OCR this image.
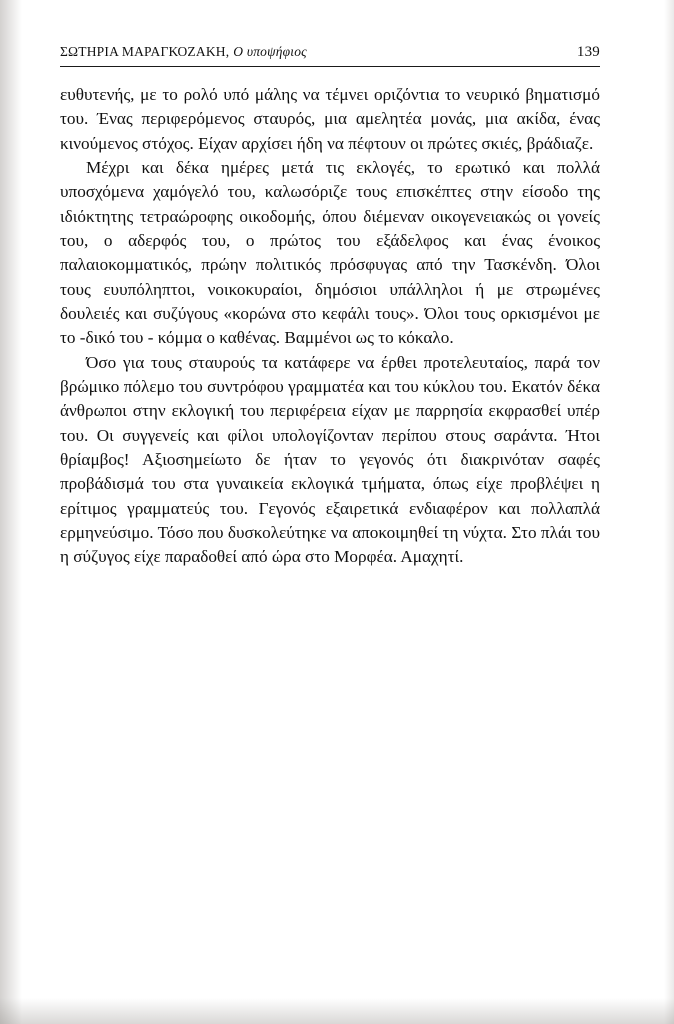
ΣΩΤΗΡΙΑ ΜΑΡΑΓΚΟΖΑΚΗ, Ο υποψήφιος	139

ευθυτενής, με το ρολό υπό μάλης να τέμνει οριζόντια το νευρικό βηματισμό του. Ένας περιφερόμενος σταυρός, μια αμελητέα μονάς, μια ακίδα, ένας κινούμενος στόχος. Είχαν αρχίσει ήδη να πέφτουν οι πρώτες σκιές, βράδιαζε.

Μέχρι και δέκα ημέρες μετά τις εκλογές, το ερωτικό και πολλά υποσχόμενα χαμόγελό του, καλωσόριζε τους επισκέπτες στην είσοδο της ιδιόκτητης τετραώροφης οικοδομής, όπου διέμεναν οικογενειακώς οι γονείς του, ο αδερφός του, ο πρώτος του εξάδελφος και ένας ένοικος παλαιοκομματικός, πρώην πολιτικός πρόσφυγας από την Τασκένδη. Όλοι τους ευυπόληπτοι, νοικοκυραίοι, δημόσιοι υπάλληλοι ή με στρωμένες δουλειές και συζύγους «κορώνα στο κεφάλι τους». Όλοι τους ορκισμένοι με το -δικό του - κόμμα ο καθένας. Βαμμένοι ως το κόκαλο.

Όσο για τους σταυρούς τα κατάφερε να έρθει προτελευταίος, παρά τον βρώμικο πόλεμο του συντρόφου γραμματέα και του κύκλου του. Εκατόν δέκα άνθρωποι στην εκλογική του περιφέρεια είχαν με παρρησία εκφρασθεί υπέρ του. Οι συγγενείς και φίλοι υπολογίζονταν περίπου στους σαράντα. Ήτοι θρίαμβος! Αξιοσημείωτο δε ήταν το γεγονός ότι διακρινόταν σαφές προβάδισμά του στα γυναικεία εκλογικά τμήματα, όπως είχε προβλέψει η ερίτιμος γραμματεύς του. Γεγονός εξαιρετικά ενδιαφέρον και πολλαπλά ερμηνεύσιμο. Τόσο που δυσκολεύτηκε να αποκοιμηθεί τη νύχτα. Στο πλάι του η σύζυγος είχε παραδοθεί από ώρα στο Μορφέα. Αμαχητί.
